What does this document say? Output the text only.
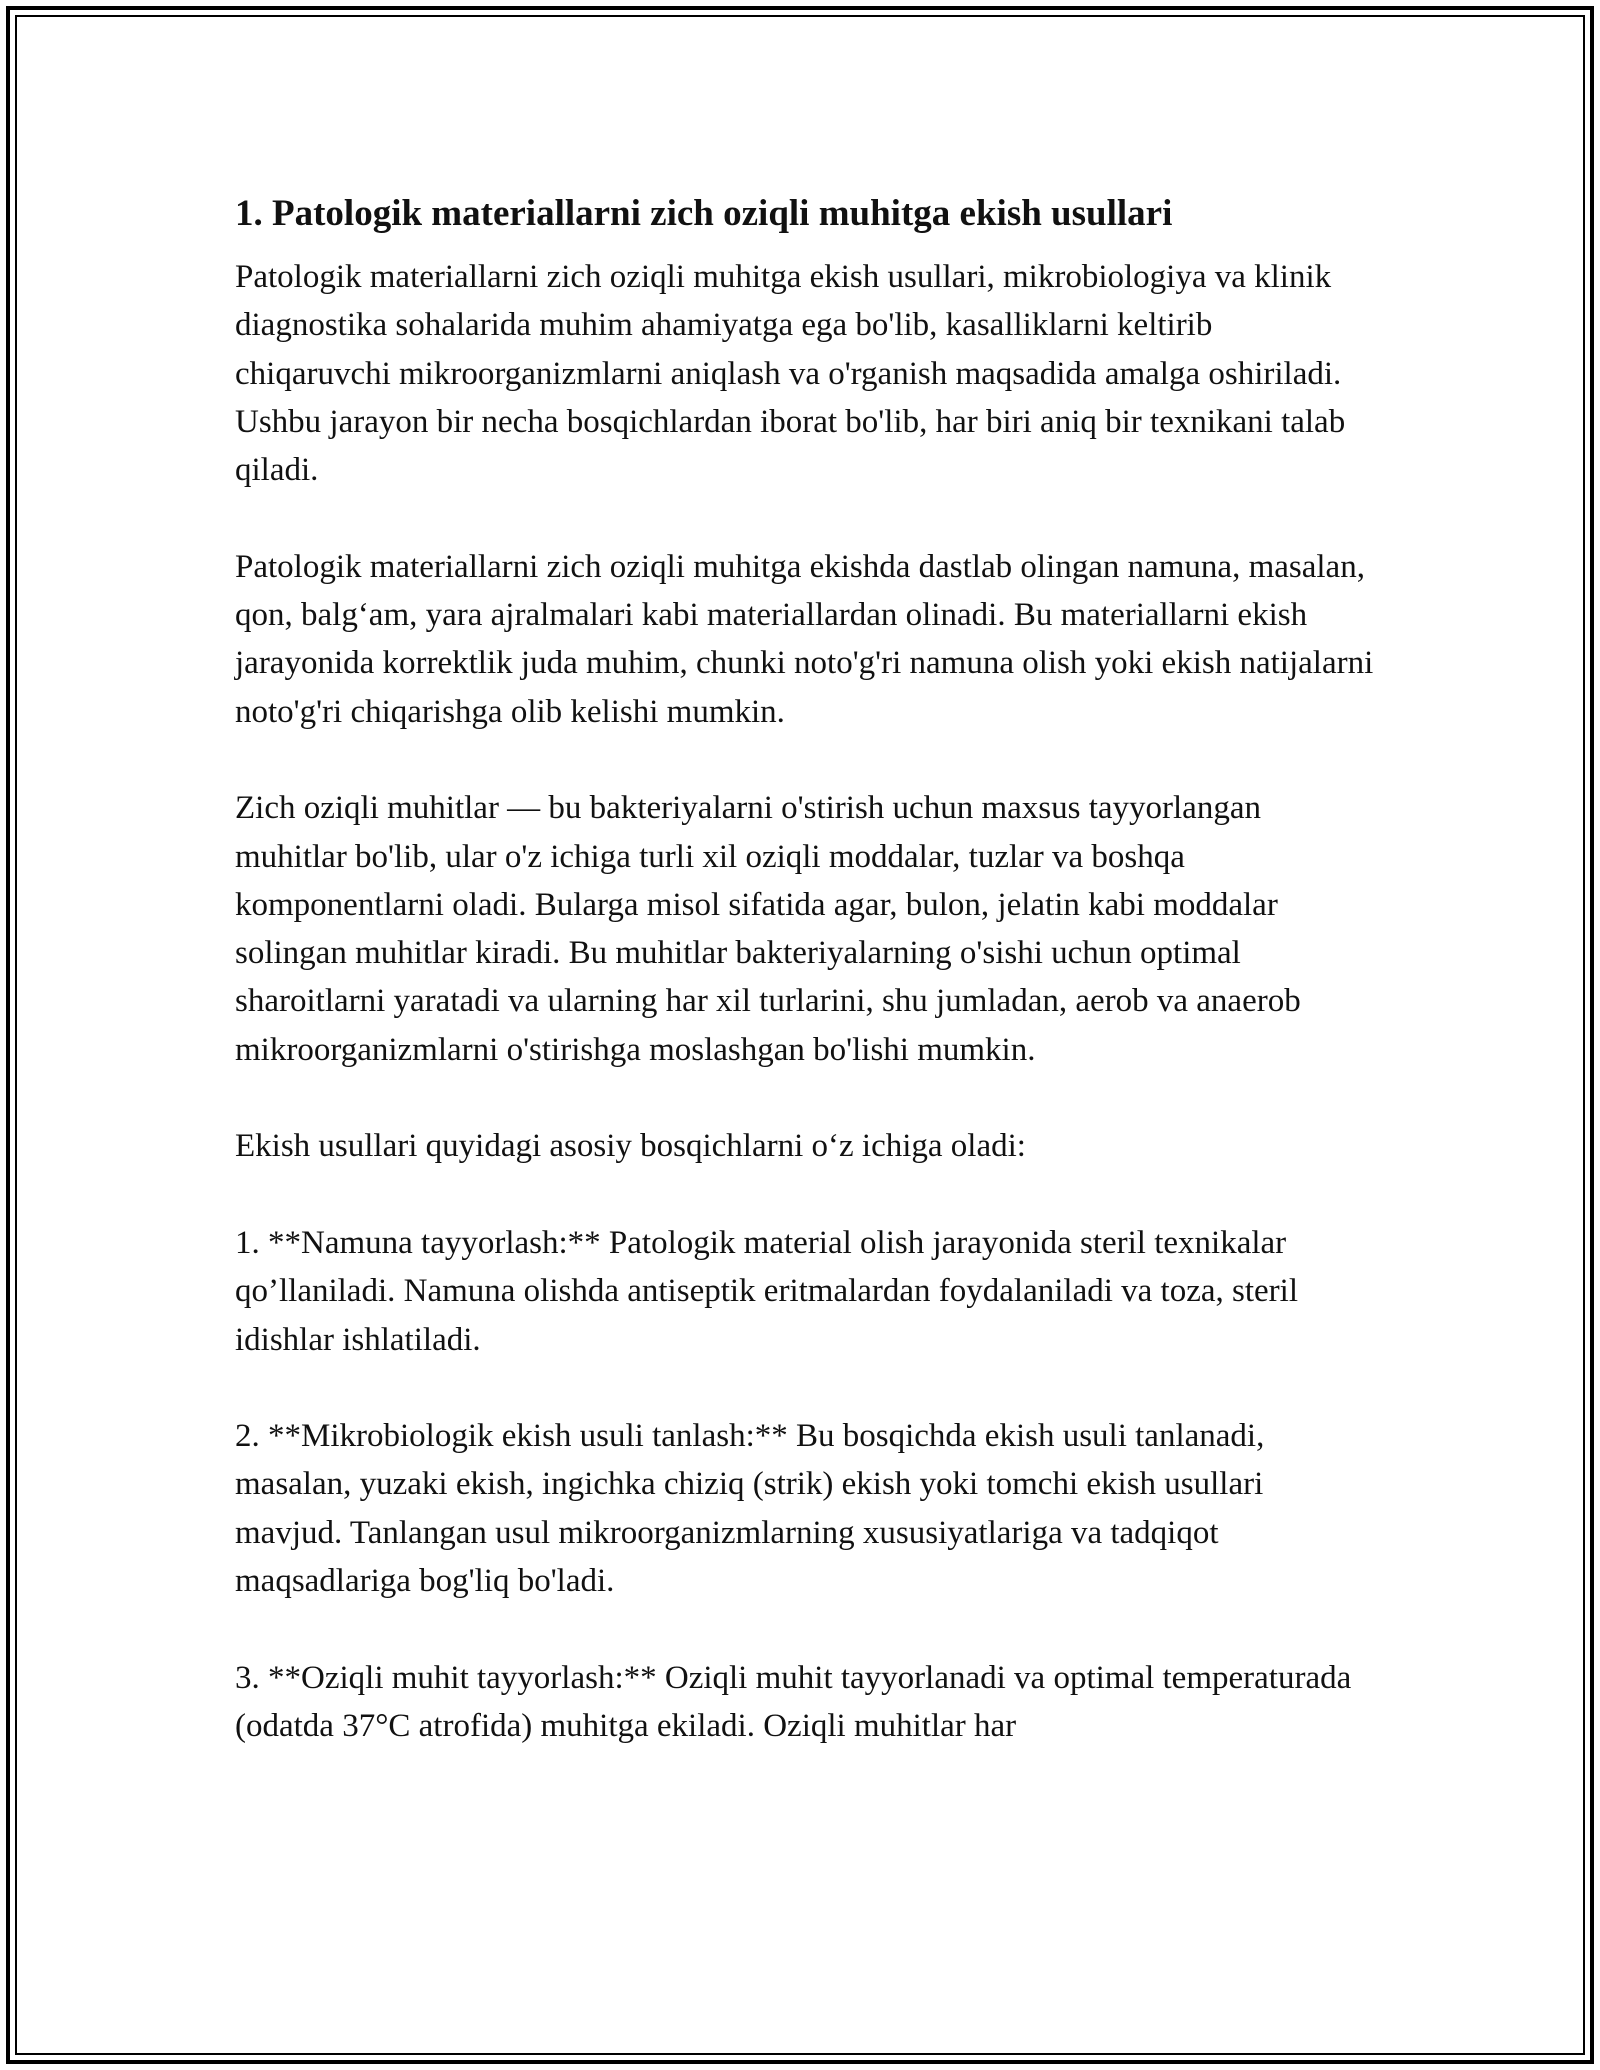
1. Patologik materiallarni zich oziqli muhitga ekish usullari

Patologik materiallarni zich oziqli muhitga ekish usullari, mikrobiologiya va klinik diagnostika sohalarida muhim ahamiyatga ega bo'lib, kasalliklarni keltirib chiqaruvchi mikroorganizmlarni aniqlash va o'rganish maqsadida amalga oshiriladi. Ushbu jarayon bir necha bosqichlardan iborat bo'lib, har biri aniq bir texnikani talab qiladi.

Patologik materiallarni zich oziqli muhitga ekishda dastlab olingan namuna, masalan, qon, balg‘am, yara ajralmalari kabi materiallardan olinadi. Bu materiallarni ekish jarayonida korrektlik juda muhim, chunki noto'g'ri namuna olish yoki ekish natijalarni noto'g'ri chiqarishga olib kelishi mumkin.

Zich oziqli muhitlar — bu bakteriyalarni o'stirish uchun maxsus tayyorlangan muhitlar bo'lib, ular o'z ichiga turli xil oziqli moddalar, tuzlar va boshqa komponentlarni oladi. Bularga misol sifatida agar, bulon, jelatin kabi moddalar solingan muhitlar kiradi. Bu muhitlar bakteriyalarning o'sishi uchun optimal sharoitlarni yaratadi va ularning har xil turlarini, shu jumladan, aerob va anaerob mikroorganizmlarni o'stirishga moslashgan bo'lishi mumkin.

Ekish usullari quyidagi asosiy bosqichlarni o‘z ichiga oladi:

1. **Namuna tayyorlash:** Patologik material olish jarayonida steril texnikalar qo’llaniladi. Namuna olishda antiseptik eritmalardan foydalaniladi va toza, steril idishlar ishlatiladi.

2. **Mikrobiologik ekish usuli tanlash:** Bu bosqichda ekish usuli tanlanadi, masalan, yuzaki ekish, ingichka chiziq (strik) ekish yoki tomchi ekish usullari mavjud. Tanlangan usul mikroorganizmlarning xususiyatlariga va tadqiqot maqsadlariga bog'liq bo'ladi.

3. **Oziqli muhit tayyorlash:** Oziqli muhit tayyorlanadi va optimal temperaturada (odatda 37°C atrofida) muhitga ekiladi. Oziqli muhitlar har
